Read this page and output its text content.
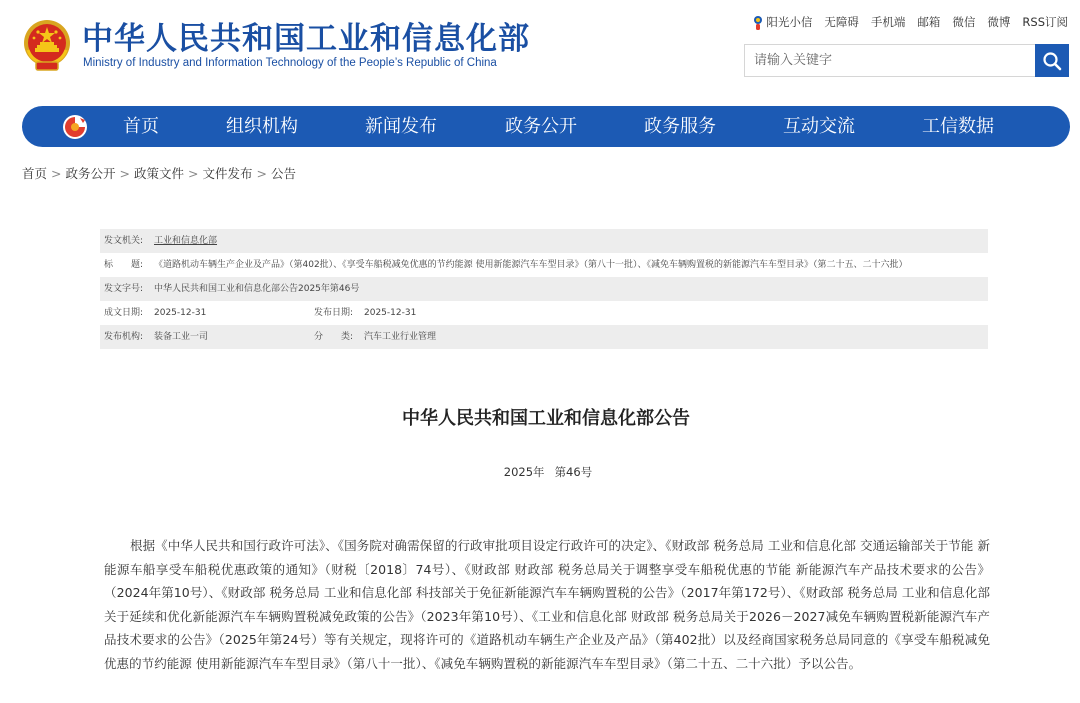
中华人民共和国工业和信息化部
Ministry of Industry and Information Technology of the People’s Republic of China
阳光小信 无障碍 手机端 邮箱 微信 微博 RSS订阅
请输入关键字
首页	组织机构	新闻发布	政务公开	政务服务	互动交流	工信数据
首页 > 政务公开 > 政策文件 > 文件发布 > 公告
发文机关:	工业和信息化部
标　　题:	《道路机动车辆生产企业及产品》（第402批）、《享受车船税减免优惠的节约能源 使用新能源汽车车型目录》（第八十一批）、《减免车辆购置税的新能源汽车车型目录》（第二十五、二十六批）
发文字号:	中华人民共和国工业和信息化部公告2025年第46号
成文日期:	2025-12-31	发布日期:	2025-12-31
发布机构:	装备工业一司	分　　类:	汽车工业行业管理
中华人民共和国工业和信息化部公告
2025年 第46号
根据《中华人民共和国行政许可法》、《国务院对确需保留的行政审批项目设定行政许可的决定》、《财政部 税务总局 工业和信息化部 交通运输部关于节能 新能源车船享受车船税优惠政策的通知》（财税〔2018〕74号）、《财政部 财政部 税务总局关于调整享受车船税优惠的节能 新能源汽车产品技术要求的公告》（2024年第10号）、《财政部 税务总局 工业和信息化部 科技部关于免征新能源汽车车辆购置税的公告》（2017年第172号）、《财政部 税务总局 工业和信息化部关于延续和优化新能源汽车车辆购置税减免政策的公告》（2023年第10号）、《工业和信息化部 财政部 税务总局关于2026－2027减免车辆购置税新能源汽车产品技术要求的公告》（2025年第24号）等有关规定，现将许可的《道路机动车辆生产企业及产品》（第402批）以及经商国家税务总局同意的《享受车船税减免优惠的节约能源 使用新能源汽车车型目录》（第八十一批）、《减免车辆购置税的新能源汽车车型目录》（第二十五、二十六批）予以公告。
